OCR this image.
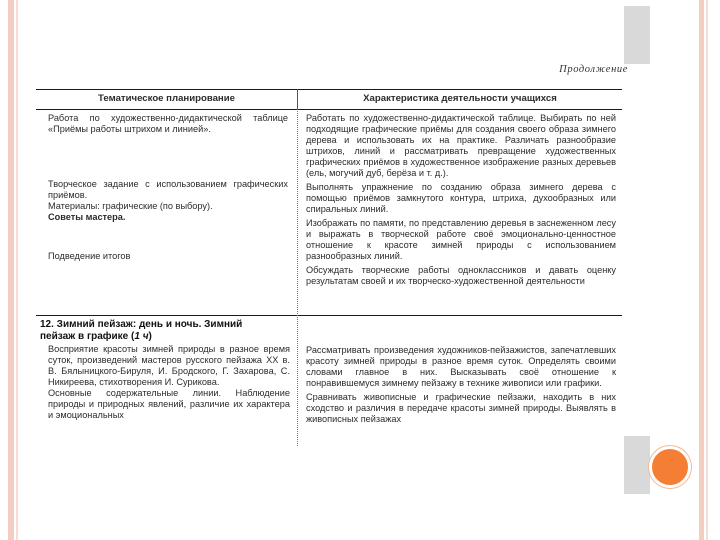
Продолжение
Тематическое планирование	Характеристика деятельности учащихся

Работа по художественно-дидактической таблице «Приёмы работы штрихом и линией».

Творческое задание с использованием графических приёмов.

Материалы: графические (по выбору).

Советы мастера.

Подведение итогов

Работать по художественно-дидактической таблице. Выбирать по ней подходящие графические приёмы для создания своего образа зимнего дерева и использовать их на практике. Различать разнообразие штрихов, линий и рассматривать превращение художественных графических приёмов в художественное изображение разных деревьев (ель, могучий дуб, берёза и т. д.).

Выполнять упражнение по созданию образа зимнего дерева с помощью приёмов замкнутого контура, штриха, духообразных или спиральных линий.

Изображать по памяти, по представлению деревья в заснеженном лесу и выражать в творческой работе своё эмоционально-ценностное отношение к красоте зимней природы с использованием разнообразных линий.

Обсуждать творческие работы одноклассников и давать оценку результатам своей и их творческо-художественной деятельности

12. Зимний пейзаж: день и ночь. Зимний
пейзаж в графике (1 ч)

Восприятие красоты зимней природы в разное время суток, произведений мастеров русского пейзажа XX в. В. Бялыницкого-Бируля, И. Бродского, Г. Захаровa, С. Никиреева, стихотворения И. Сурикова.

Основные содержательные линии. Наблюдение природы и природных явлений, различие их характера и эмоциональных

Рассматривать произведения художников-пейзажистов, запечатлевших красоту зимней природы в разное время суток. Определять своими словами главное в них. Высказывать своё отношение к понравившемуся зимнему пейзажу в технике живописи или графики.

Сравнивать живописные и графические пейзажи, находить в них сходство и различия в передаче красоты зимней природы. Выявлять в живописных пейзажах
